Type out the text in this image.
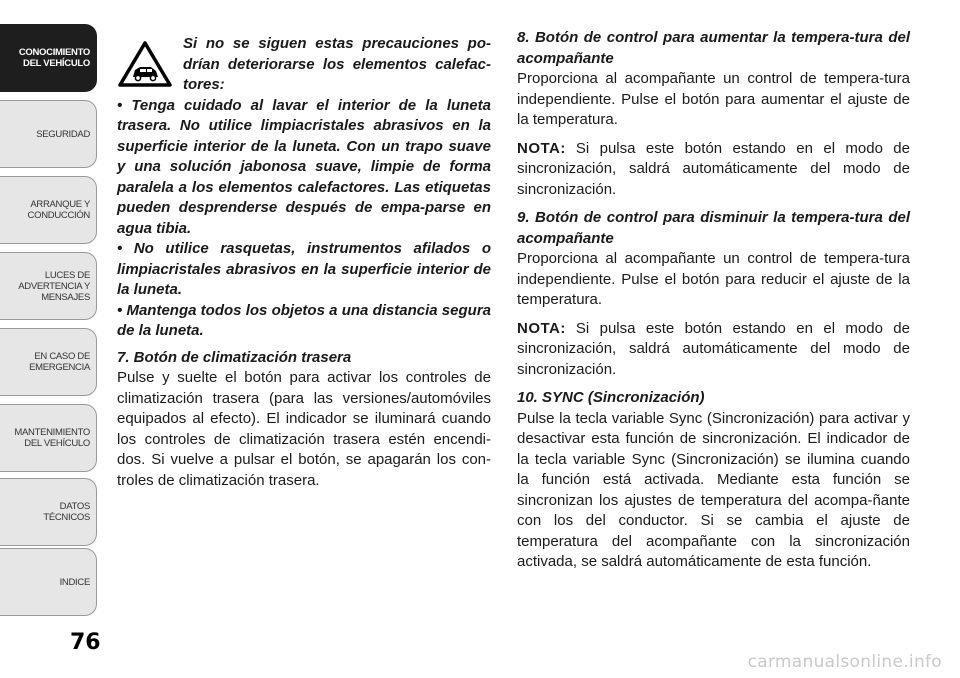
CONOCIMIENTO
DEL VEHÍCULO
SEGURIDAD
ARRANQUE Y
CONDUCCIÓN
LUCES DE
ADVERTENCIA Y
MENSAJES
EN CASO DE
EMERGENCIA
MANTENIMIENTO
DEL VEHÍCULO
DATOS
TÉCNICOS
INDICE
76

Si no se siguen estas precauciones po-drían deteriorarse los elementos calefac-tores:

• Tenga cuidado al lavar el interior de la luneta trasera. No utilice limpiacristales abrasivos en la superficie interior de la luneta. Con un trapo suave y una solución jabonosa suave, limpie de forma paralela a los elementos calefactores. Las etiquetas pueden desprenderse después de empa-parse en agua tibia.

• No utilice rasquetas, instrumentos afilados o limpiacristales abrasivos en la superficie interior de la luneta.

• Mantenga todos los objetos a una distancia segura de la luneta.

7. Botón de climatización trasera

Pulse y suelte el botón para activar los controles de climatización trasera (para las versiones/automóviles equipados al efecto). El indicador se iluminará cuando los controles de climatización trasera estén encendi-dos. Si vuelve a pulsar el botón, se apagarán los con-troles de climatización trasera.

8. Botón de control para aumentar la tempera-tura del acompañante

Proporciona al acompañante un control de tempera-tura independiente. Pulse el botón para aumentar el ajuste de la temperatura.

NOTA: Si pulsa este botón estando en el modo de sincronización, saldrá automáticamente del modo de sincronización.

9. Botón de control para disminuir la tempera-tura del acompañante

Proporciona al acompañante un control de tempera-tura independiente. Pulse el botón para reducir el ajuste de la temperatura.

NOTA: Si pulsa este botón estando en el modo de sincronización, saldrá automáticamente del modo de sincronización.

10. SYNC (Sincronización)

Pulse la tecla variable Sync (Sincronización) para activar y desactivar esta función de sincronización. El indicador de la tecla variable Sync (Sincronización) se ilumina cuando la función está activada. Mediante esta función se sincronizan los ajustes de temperatura del acompa-ñante con los del conductor. Si se cambia el ajuste de temperatura del acompañante con la sincronización activada, se saldrá automáticamente de esta función.

carmanualsonline.info
